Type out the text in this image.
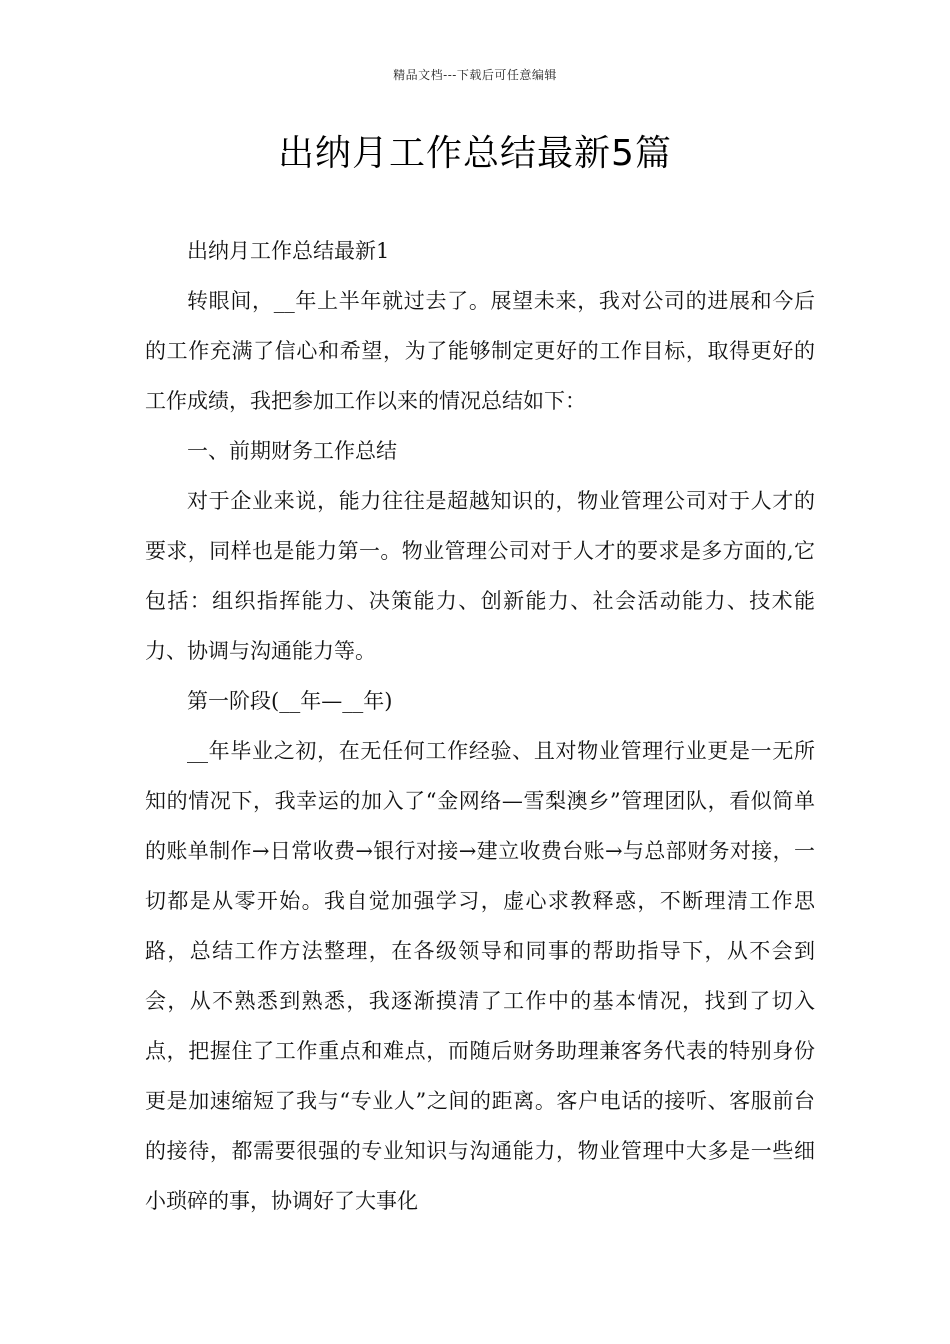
精品文档---下载后可任意编辑
出纳月工作总结最新5篇

出纳月工作总结最新1

转眼间，__年上半年就过去了。展望未来，我对公司的进展和今后的工作充满了信心和希望，为了能够制定更好的工作目标，取得更好的工作成绩，我把参加工作以来的情况总结如下：

一、前期财务工作总结

对于企业来说，能力往往是超越知识的，物业管理公司对于人才的要求，同样也是能力第一。物业管理公司对于人才的要求是多方面的,它包括：组织指挥能力、决策能力、创新能力、社会活动能力、技术能力、协调与沟通能力等。

第一阶段(__年—__年)

__年毕业之初，在无任何工作经验、且对物业管理行业更是一无所知的情况下，我幸运的加入了“金网络—雪梨澳乡”管理团队，看似简单的账单制作→日常收费→银行对接→建立收费台账→与总部财务对接，一切都是从零开始。我自觉加强学习，虚心求教释惑，不断理清工作思路，总结工作方法整理，在各级领导和同事的帮助指导下，从不会到会，从不熟悉到熟悉，我逐渐摸清了工作中的基本情况，找到了切入点，把握住了工作重点和难点，而随后财务助理兼客务代表的特别身份更是加速缩短了我与“专业人”之间的距离。客户电话的接听、客服前台的接待，都需要很强的专业知识与沟通能力，物业管理中大多是一些细小琐碎的事，协调好了大事化
